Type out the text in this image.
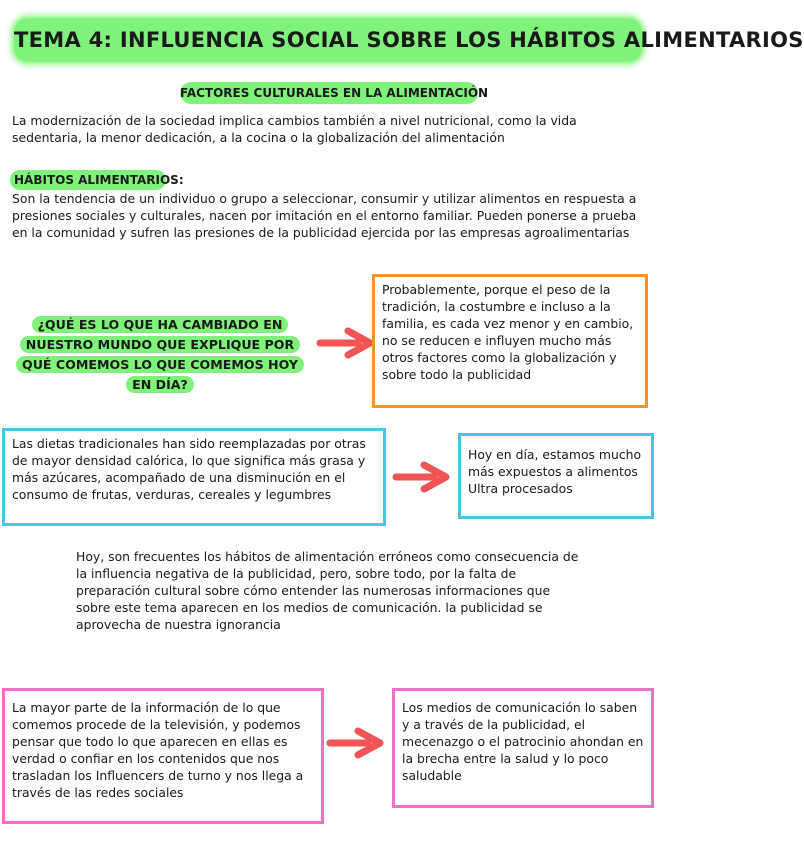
TEMA 4: INFLUENCIA SOCIAL SOBRE LOS HÁBITOS ALIMENTARIOS
FACTORES CULTURALES EN LA ALIMENTACIÓN
La modernización de la sociedad implica cambios también a nivel nutricional, como la vida sedentaria, la menor dedicación, a la cocina o la globalización del alimentación
HÁBITOS ALIMENTARIOS:
Son la tendencia de un individuo o grupo a seleccionar, consumir y utilizar alimentos en respuesta a presiones sociales y culturales, nacen por imitación en el entorno familiar. Pueden ponerse a prueba en la comunidad y sufren las presiones de la publicidad ejercida por las empresas agroalimentarias
¿QUÉ ES LO QUE HA CAMBIADO EN NUESTRO MUNDO QUE EXPLIQUE POR QUÉ COMEMOS LO QUE COMEMOS HOY EN DÍA?
Probablemente, porque el peso de la tradición, la costumbre e incluso a la familia, es cada vez menor y en cambio, no se reducen e influyen mucho más otros factores como la globalización y sobre todo la publicidad
Las dietas tradicionales han sido reemplazadas por otras de mayor densidad calórica, lo que significa más grasa y más azúcares, acompañado de una disminución en el consumo de frutas, verduras, cereales y legumbres
Hoy en día, estamos mucho más expuestos a alimentos Ultra procesados
Hoy, son frecuentes los hábitos de alimentación erróneos como consecuencia de la influencia negativa de la publicidad, pero, sobre todo, por la falta de preparación cultural sobre cómo entender las numerosas informaciones que sobre este tema aparecen en los medios de comunicación. la publicidad se aprovecha de nuestra ignorancia
La mayor parte de la información de lo que comemos procede de la televisión, y podemos pensar que todo lo que aparecen en ellas es verdad o confiar en los contenidos que nos trasladan los Influencers de turno y nos llega a través de las redes sociales
Los medios de comunicación lo saben y a través de la publicidad, el mecenazgo o el patrocinio ahondan en la brecha entre la salud y lo poco saludable
